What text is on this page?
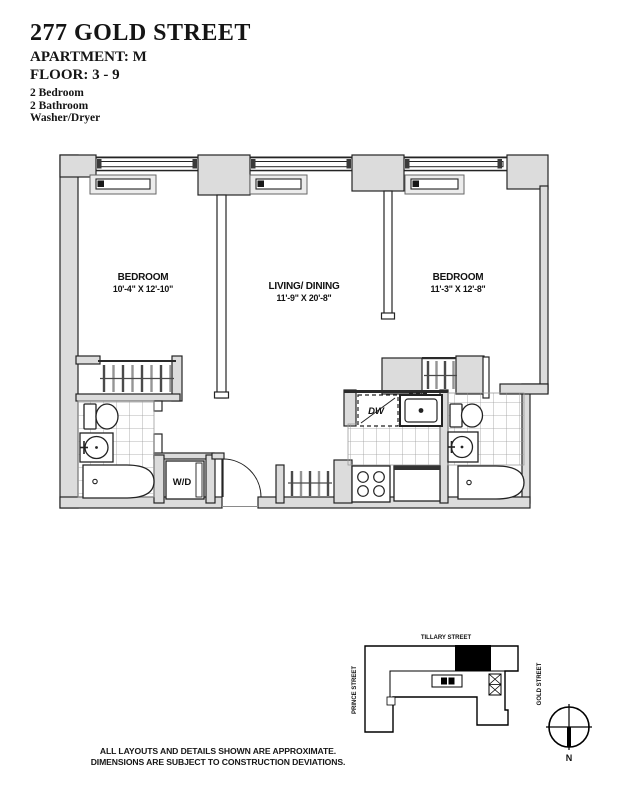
277 GOLD STREET
APARTMENT: M
FLOOR: 3 - 9
2 Bedroom
2 Bathroom
Washer/Dryer
BEDROOM
10'-4" X 12'-10"	LIVING/ DINING
11'-9" X 20'-8"
BEDROOM
11'-3" X 12'-8"
W/D
DW
TILLARY STREET
PRINCE STREET	GOLD STREET
N
ALL LAYOUTS AND DETAILS SHOWN ARE APPROXIMATE.
DIMENSIONS ARE SUBJECT TO CONSTRUCTION DEVIATIONS.
